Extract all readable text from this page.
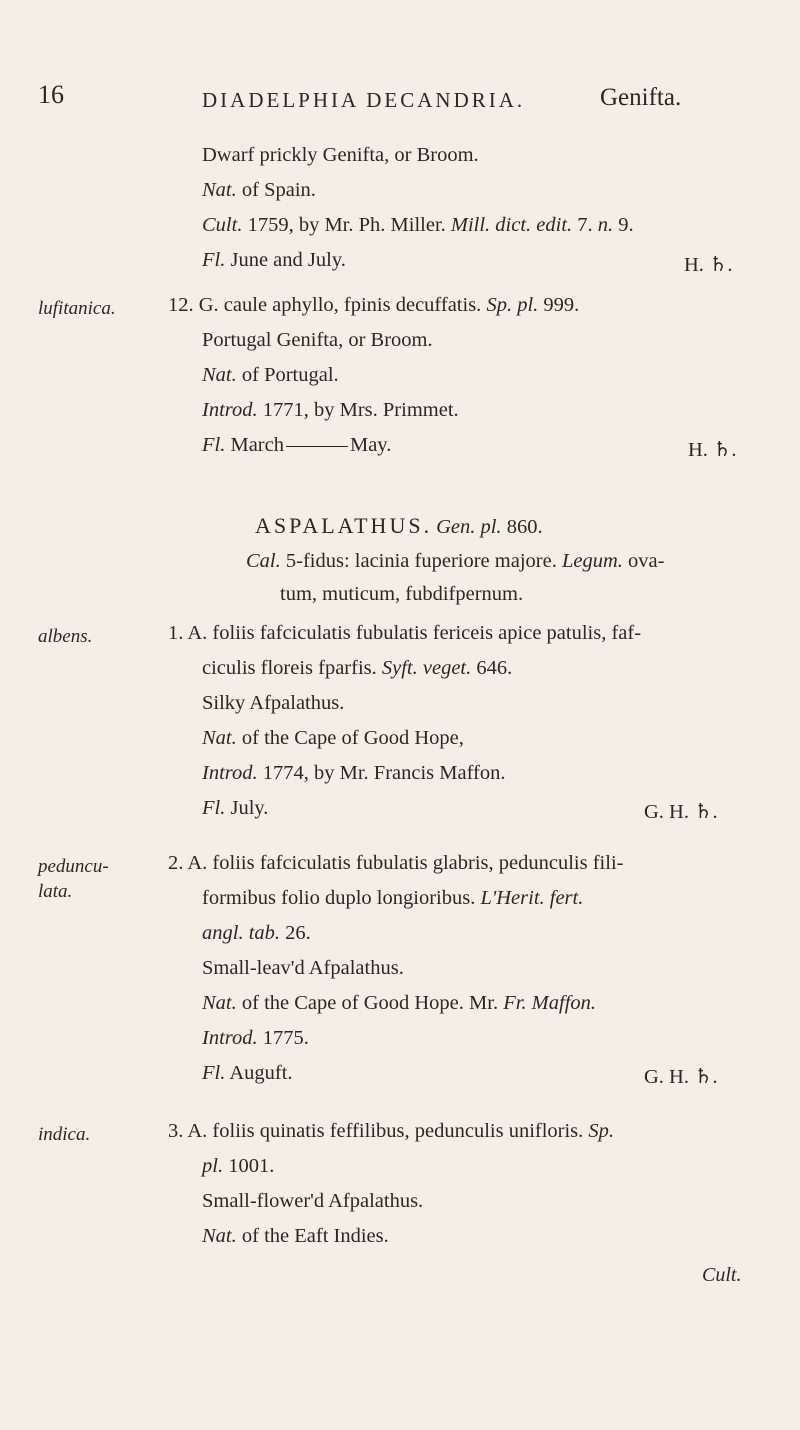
16	DIADELPHIA DECANDRIA.	Genifta.
Dwarf prickly Genifta, or Broom.
Nat. of Spain.
Cult. 1759, by Mr. Ph. Miller. Mill. dict. edit. 7. n. 9.
Fl. June and July.	H. ♄.
lufitanica.	12. G. caule aphyllo, fpinis decuffatis. Sp. pl. 999.
Portugal Genifta, or Broom.
Nat. of Portugal.
Introd. 1771, by Mrs. Primmet.
Fl. March	May.	H. ♄.
ASPALATHUS. Gen. pl. 860.
Cal. 5-fidus: lacinia fuperiore majore. Legum. ova-
tum, muticum, fubdifpernum.
albens.	1. A. foliis fafciculatis fubulatis fericeis apice patulis, faf-
ciculis floreis fparfis. Syft. veget. 646.
Silky Afpalathus.
Nat. of the Cape of Good Hope,
Introd. 1774, by Mr. Francis Maffon.
Fl. July.	G. H. ♄.
peduncu-
lata.
2. A. foliis fafciculatis fubulatis glabris, pedunculis fili-
formibus folio duplo longioribus. L'Herit. fert.
angl. tab. 26.
Small-leav'd Afpalathus.
Nat. of the Cape of Good Hope. Mr. Fr. Maffon.
Introd. 1775.
Fl. Auguft.	G. H. ♄.
indica.	3. A. foliis quinatis feffilibus, pedunculis unifloris. Sp.
pl. 1001.
Small-flower'd Afpalathus.
Nat. of the Eaft Indies.
Cult.
